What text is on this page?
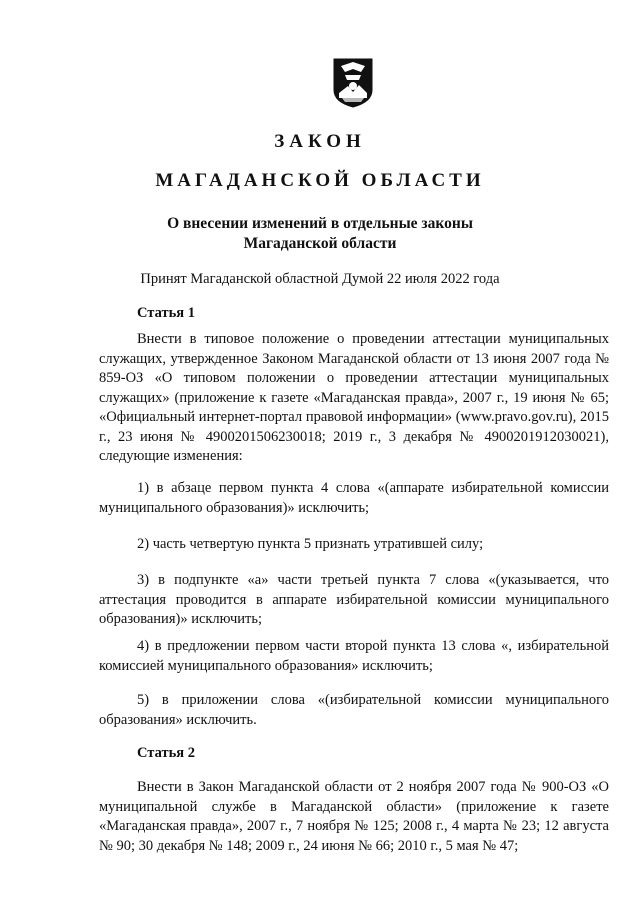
ЗАКОН
МАГАДАНСКОЙ ОБЛАСТИ
О внесении изменений в отдельные законы
Магаданской области
Принят Магаданской областной Думой 22 июля 2022 года
Статья 1
Внести в типовое положение о проведении аттестации муниципальных служащих, утвержденное Законом Магаданской области от 13 июня 2007 года № 859-ОЗ «О типовом положении о проведении аттестации муниципальных служащих» (приложение к газете «Магаданская правда», 2007 г., 19 июня № 65; «Официальный интернет-портал правовой информации» (www.pravo.gov.ru), 2015 г., 23 июня № 4900201506230018; 2019 г., 3 декабря № 4900201912030021), следующие изменения:
1) в абзаце первом пункта 4 слова «(аппарате избирательной комиссии муниципального образования)» исключить;
2) часть четвертую пункта 5 признать утратившей силу;
3) в подпункте «а» части третьей пункта 7 слова «(указывается, что аттестация проводится в аппарате избирательной комиссии муниципального образования)» исключить;
4) в предложении первом части второй пункта 13 слова «, избирательной комиссией муниципального образования» исключить;
5) в приложении слова «(избирательной комиссии муниципального образования» исключить.
Статья 2
Внести в Закон Магаданской области от 2 ноября 2007 года № 900-ОЗ «О муниципальной службе в Магаданской области» (приложение к газете «Магаданская правда», 2007 г., 7 ноября № 125; 2008 г., 4 марта № 23; 12 августа № 90; 30 декабря № 148; 2009 г., 24 июня № 66; 2010 г., 5 мая № 47;
